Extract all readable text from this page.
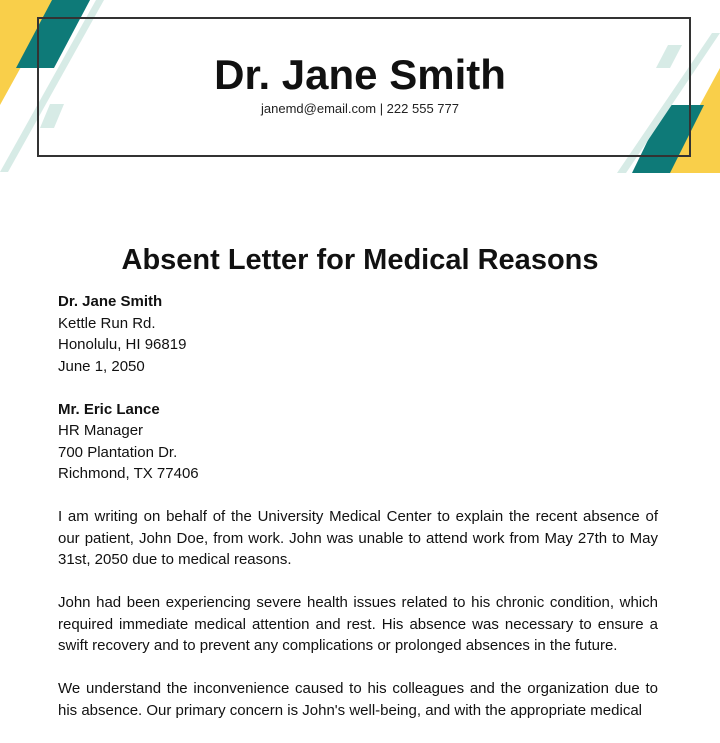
Dr. Jane Smith
janemd@email.com | 222 555 777
Absent Letter for Medical Reasons
Dr. Jane Smith
Kettle Run Rd.
Honolulu, HI 96819
June 1, 2050
Mr. Eric Lance
HR Manager
700 Plantation Dr.
Richmond, TX 77406

I am writing on behalf of the University Medical Center to explain the recent absence of our patient, John Doe, from work. John was unable to attend work from May 27th to May 31st, 2050 due to medical reasons.

John had been experiencing severe health issues related to his chronic condition, which required immediate medical attention and rest. His absence was necessary to ensure a swift recovery and to prevent any complications or prolonged absences in the future.

We understand the inconvenience caused to his colleagues and the organization due to his absence. Our primary concern is John's well-being, and with the appropriate medical
